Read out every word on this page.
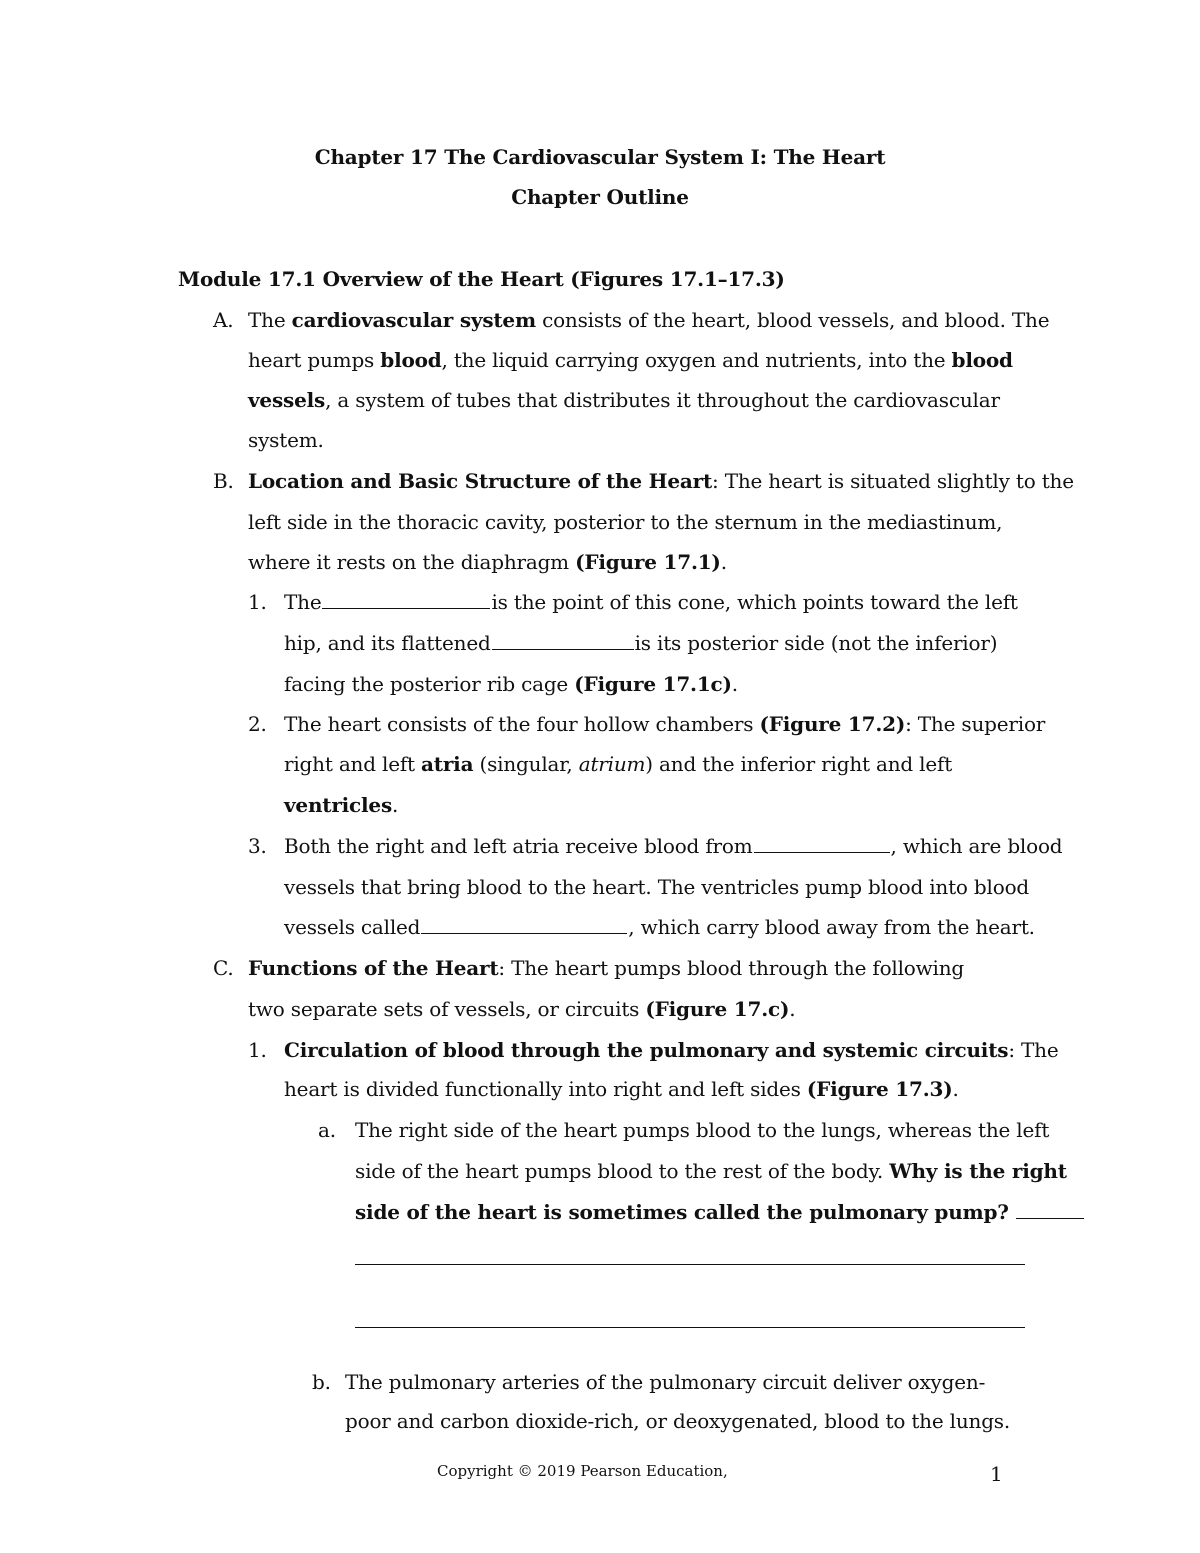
Chapter 17 The Cardiovascular System I: The Heart
Chapter Outline
Module 17.1 Overview of the Heart (Figures 17.1–17.3)
A. The cardiovascular system consists of the heart, blood vessels, and blood. The
heart pumps blood, the liquid carrying oxygen and nutrients, into the blood
vessels, a system of tubes that distributes it throughout the cardiovascular
system.
B. Location and Basic Structure of the Heart: The heart is situated slightly to the
left side in the thoracic cavity, posterior to the sternum in the mediastinum,
where it rests on the diaphragm (Figure 17.1).
1. The	is the point of this cone, which points toward the left
hip, and its flattened	is its posterior side (not the inferior)
facing the posterior rib cage (Figure 17.1c).
2. The heart consists of the four hollow chambers (Figure 17.2): The superior
right and left atria (singular, atrium) and the inferior right and left
ventricles.
3. Both the right and left atria receive blood from	, which are blood
vessels that bring blood to the heart. The ventricles pump blood into blood
vessels called	, which carry blood away from the heart.
C. Functions of the Heart: The heart pumps blood through the following
two separate sets of vessels, or circuits (Figure 17.c).
1. Circulation of blood through the pulmonary and systemic circuits: The
heart is divided functionally into right and left sides (Figure 17.3).
a. The right side of the heart pumps blood to the lungs, whereas the left
side of the heart pumps blood to the rest of the body. Why is the right
side of the heart is sometimes called the pulmonary pump?
b. The pulmonary arteries of the pulmonary circuit deliver oxygen-
poor and carbon dioxide-rich, or deoxygenated, blood to the lungs.
Copyright © 2019 Pearson Education,	1
